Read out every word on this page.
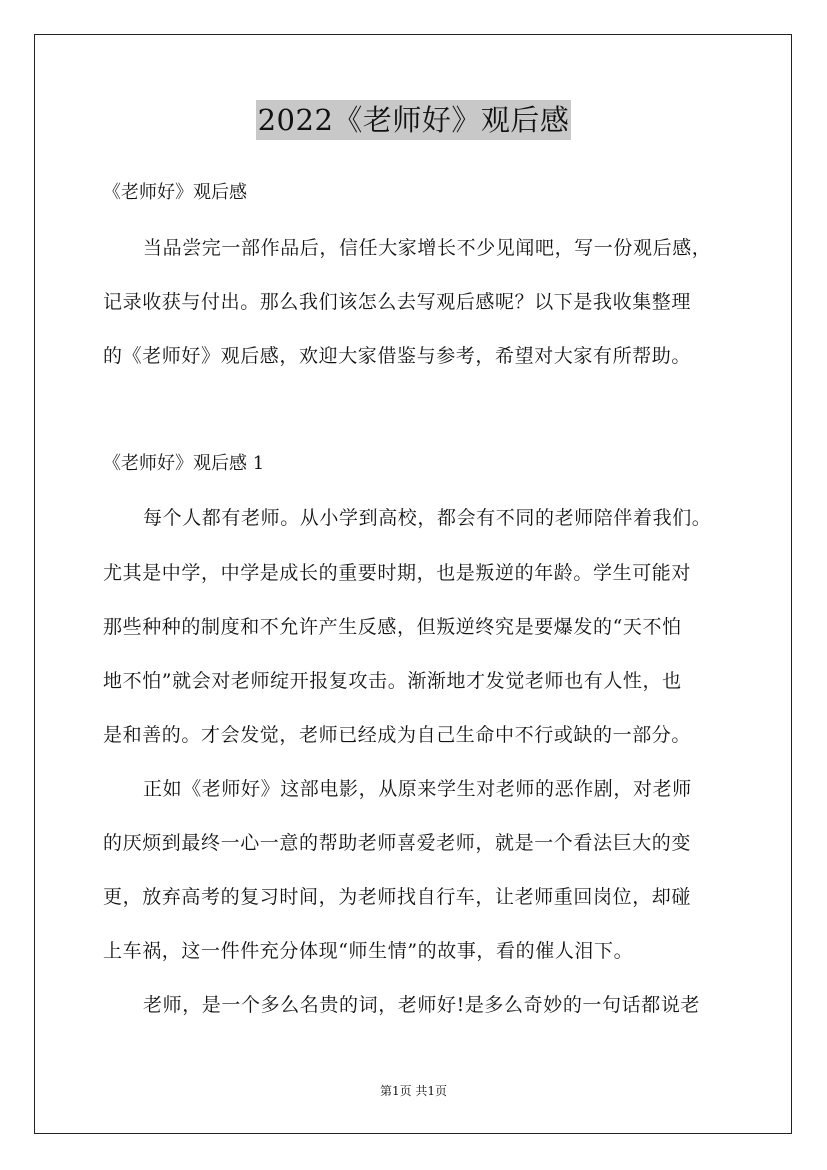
2022《老师好》观后感
《老师好》观后感
当品尝完一部作品后，信任大家增长不少见闻吧，写一份观后感，
记录收获与付出。那么我们该怎么去写观后感呢？以下是我收集整理
的《老师好》观后感，欢迎大家借鉴与参考，希望对大家有所帮助。
《老师好》观后感 1
每个人都有老师。从小学到高校，都会有不同的老师陪伴着我们。
尤其是中学，中学是成长的重要时期，也是叛逆的年龄。学生可能对
那些种种的制度和不允许产生反感，但叛逆终究是要爆发的“天不怕
地不怕”就会对老师绽开报复攻击。渐渐地才发觉老师也有人性，也
是和善的。才会发觉，老师已经成为自己生命中不行或缺的一部分。
正如《老师好》这部电影，从原来学生对老师的恶作剧，对老师
的厌烦到最终一心一意的帮助老师喜爱老师，就是一个看法巨大的变
更，放弃高考的复习时间，为老师找自行车，让老师重回岗位，却碰
上车祸，这一件件充分体现“师生情”的故事，看的催人泪下。
老师，是一个多么名贵的词，老师好!是多么奇妙的一句话都说老
第1页 共1页
